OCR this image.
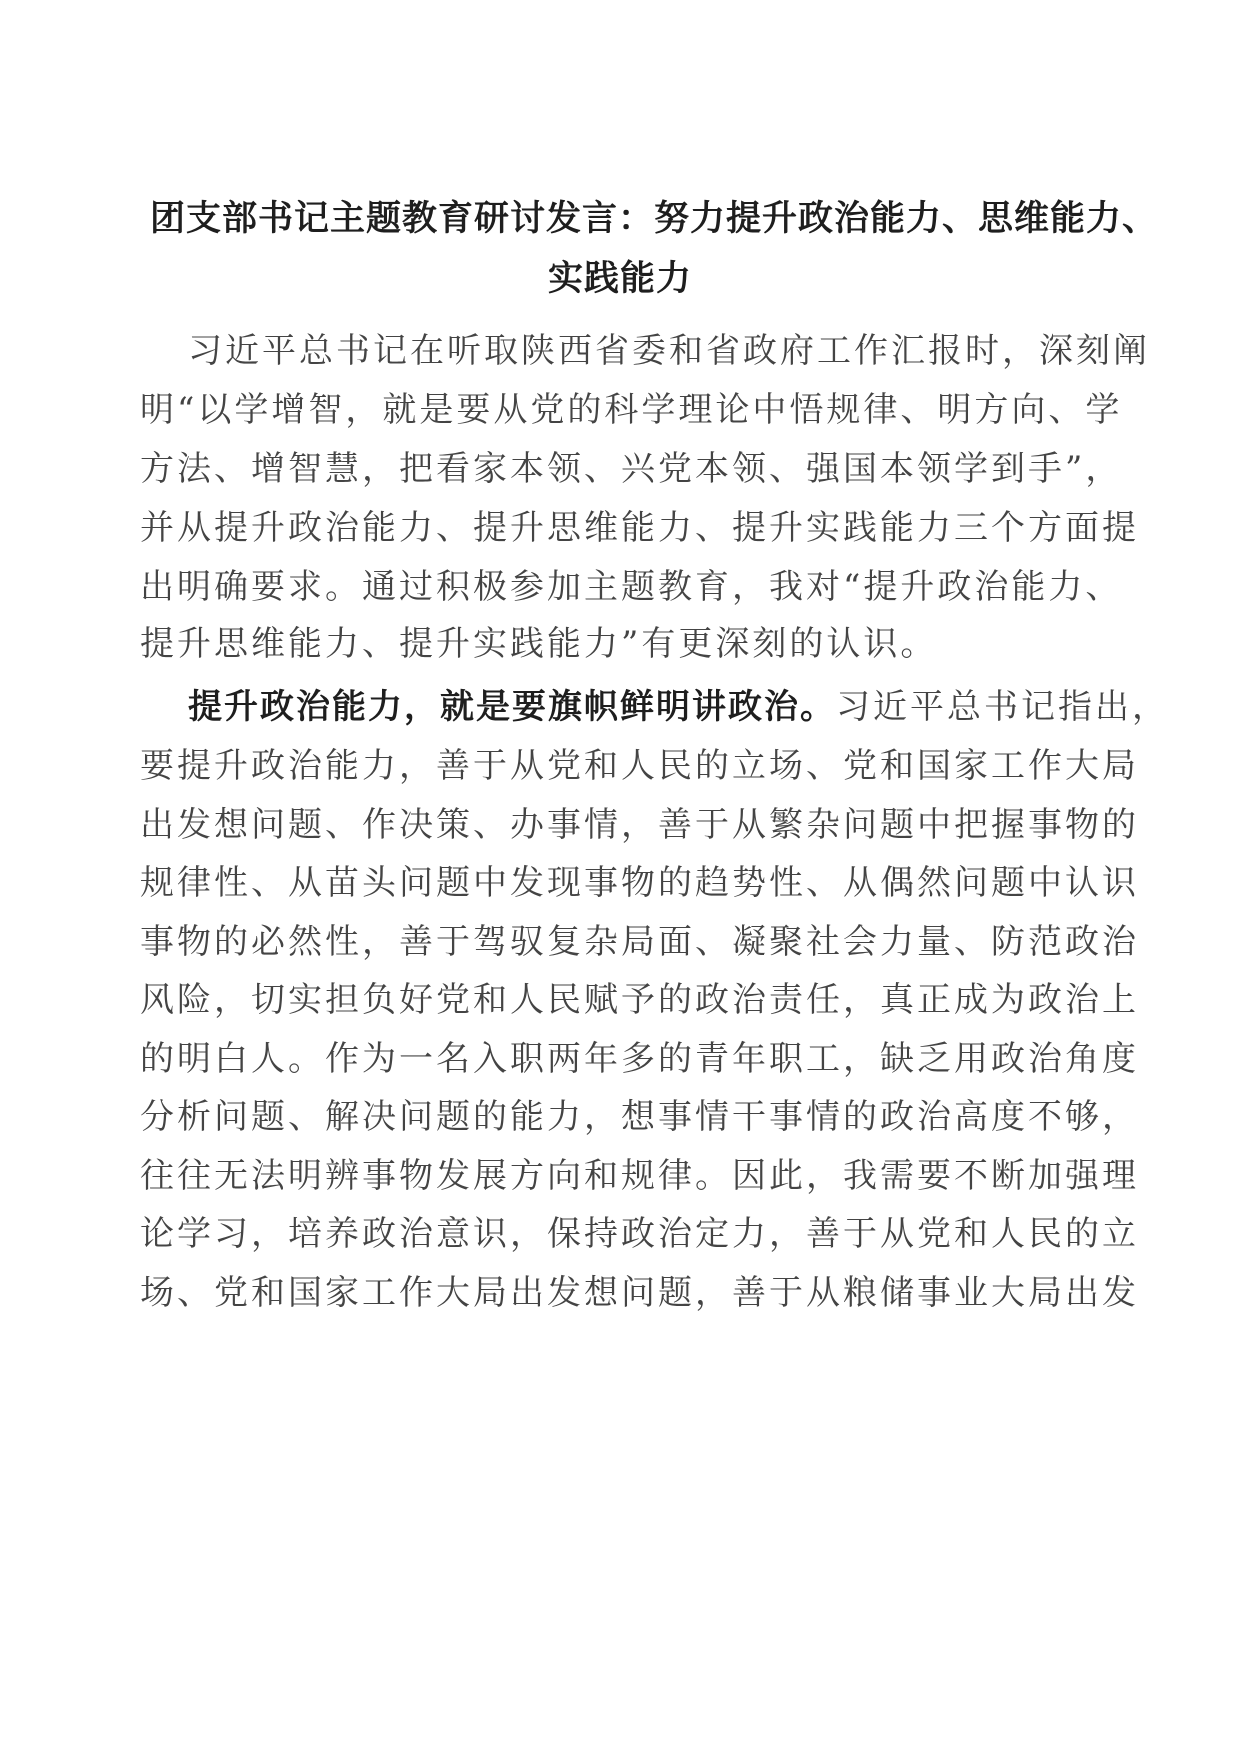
团支部书记主题教育研讨发言：努力提升政治能力、思维能力、
实践能力
习近平总书记在听取陕西省委和省政府工作汇报时，深刻阐
明“以学增智，就是要从党的科学理论中悟规律、明方向、学
方法、增智慧，把看家本领、兴党本领、强国本领学到手”，
并从提升政治能力、提升思维能力、提升实践能力三个方面提
出明确要求。通过积极参加主题教育，我对“提升政治能力、
提升思维能力、提升实践能力”有更深刻的认识。
提升政治能力，就是要旗帜鲜明讲政治。习近平总书记指出，
要提升政治能力，善于从党和人民的立场、党和国家工作大局
出发想问题、作决策、办事情，善于从繁杂问题中把握事物的
规律性、从苗头问题中发现事物的趋势性、从偶然问题中认识
事物的必然性，善于驾驭复杂局面、凝聚社会力量、防范政治
风险，切实担负好党和人民赋予的政治责任，真正成为政治上
的明白人。作为一名入职两年多的青年职工，缺乏用政治角度
分析问题、解决问题的能力，想事情干事情的政治高度不够，
往往无法明辨事物发展方向和规律。因此，我需要不断加强理
论学习，培养政治意识，保持政治定力，善于从党和人民的立
场、党和国家工作大局出发想问题，善于从粮储事业大局出发
